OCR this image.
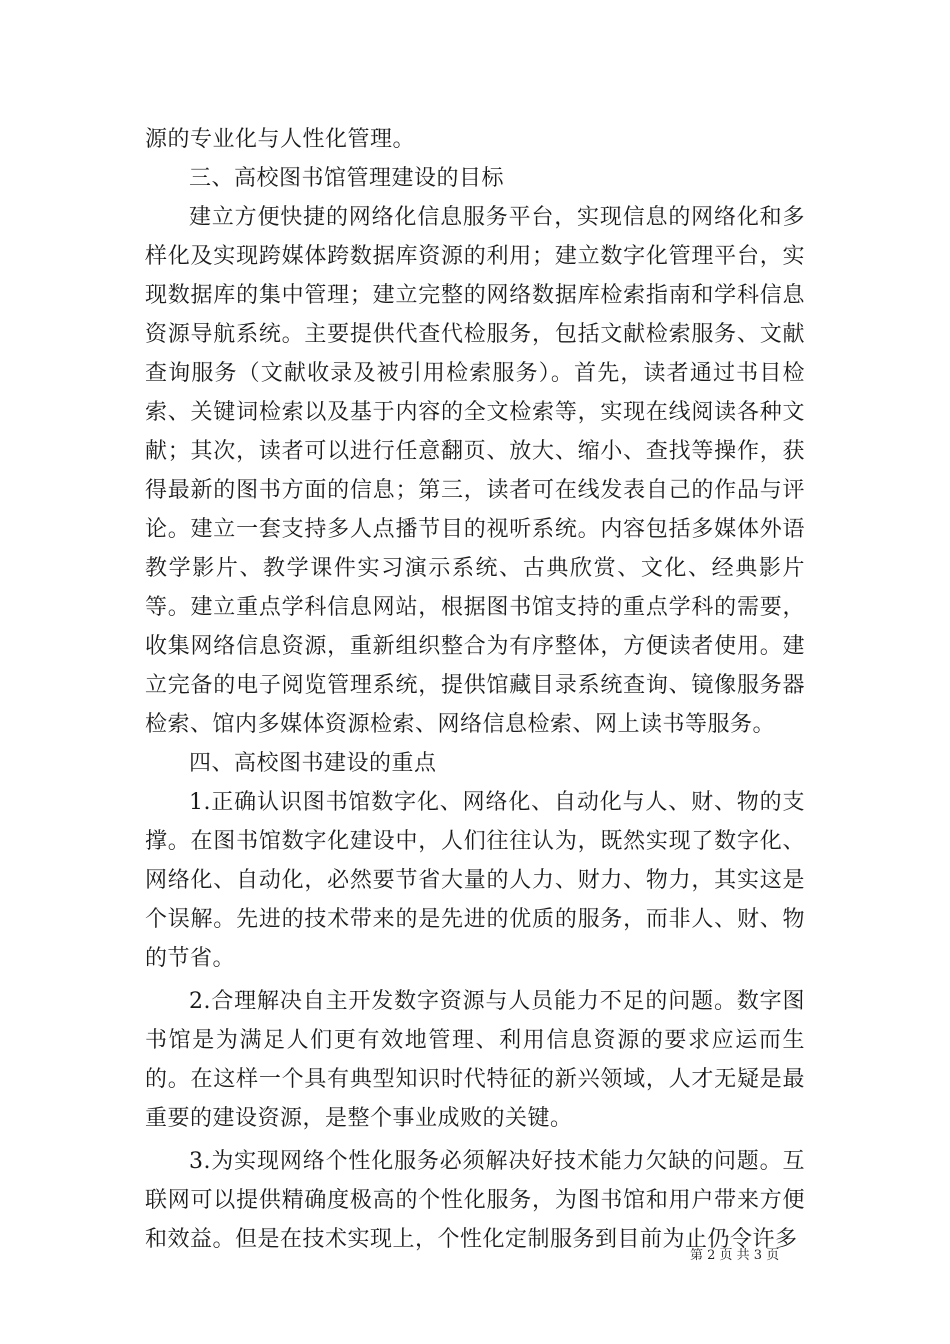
源的专业化与人性化管理。

三、高校图书馆管理建设的目标

建立方便快捷的网络化信息服务平台，实现信息的网络化和多样化及实现跨媒体跨数据库资源的利用；建立数字化管理平台，实现数据库的集中管理；建立完整的网络数据库检索指南和学科信息资源导航系统。主要提供代查代检服务，包括文献检索服务、文献查询服务（文献收录及被引用检索服务）。首先，读者通过书目检索、关键词检索以及基于内容的全文检索等，实现在线阅读各种文献；其次，读者可以进行任意翻页、放大、缩小、查找等操作，获得最新的图书方面的信息；第三，读者可在线发表自己的作品与评论。建立一套支持多人点播节目的视听系统。内容包括多媒体外语教学影片、教学课件实习演示系统、古典欣赏、文化、经典影片等。建立重点学科信息网站，根据图书馆支持的重点学科的需要，收集网络信息资源，重新组织整合为有序整体，方便读者使用。建立完备的电子阅览管理系统，提供馆藏目录系统查询、镜像服务器检索、馆内多媒体资源检索、网络信息检索、网上读书等服务。

四、高校图书建设的重点

1.正确认识图书馆数字化、网络化、自动化与人、财、物的支撑。在图书馆数字化建设中，人们往往认为，既然实现了数字化、网络化、自动化，必然要节省大量的人力、财力、物力，其实这是个误解。先进的技术带来的是先进的优质的服务，而非人、财、物的节省。

2.合理解决自主开发数字资源与人员能力不足的问题。数字图书馆是为满足人们更有效地管理、利用信息资源的要求应运而生的。在这样一个具有典型知识时代特征的新兴领域，人才无疑是最重要的建设资源，是整个事业成败的关键。

3.为实现网络个性化服务必须解决好技术能力欠缺的问题。互联网可以提供精确度极高的个性化服务，为图书馆和用户带来方便和效益。但是在技术实现上，个性化定制服务到目前为止仍令许多

第 2 页 共 3 页
